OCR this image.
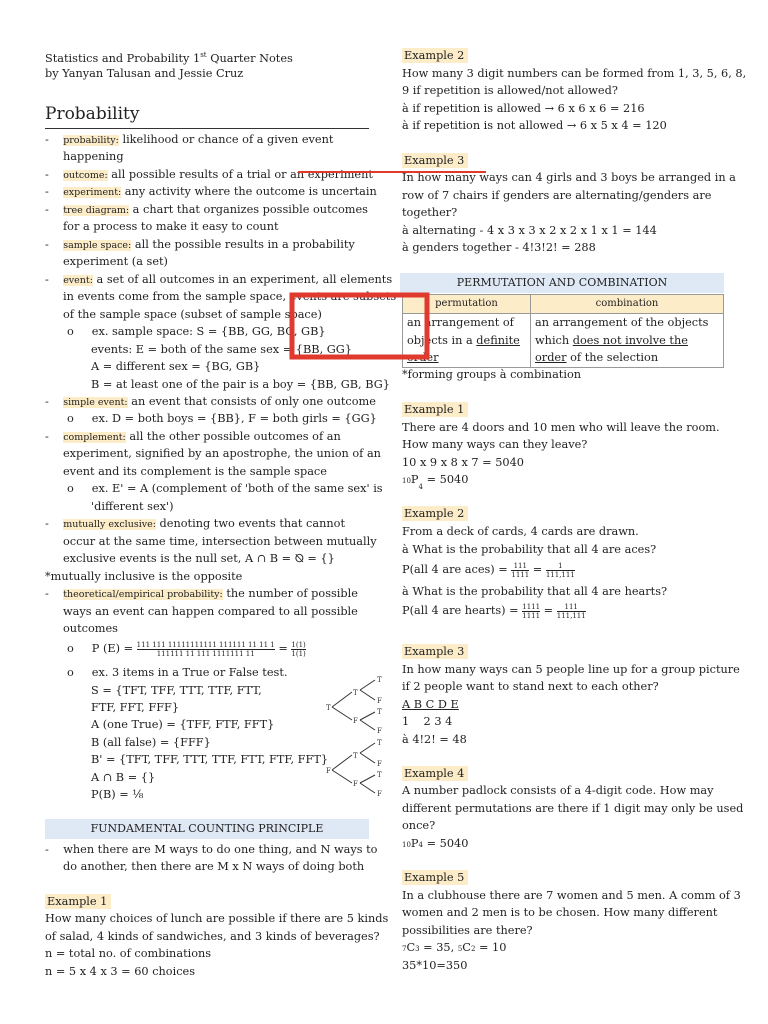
Statistics and Probability 1st Quarter Notes
by Yanyan Talusan and Jessie Cruz
Probability
-    probability: likelihood or chance of a given event
happening
-    outcome: all possible results of a trial or an experiment
-    experiment: any activity where the outcome is uncertain
-    tree diagram: a chart that organizes possible outcomes
for a process to make it easy to count
-    sample space: all the possible results in a probability
experiment (a set)
-    event: a set of all outcomes in an experiment, all elements
in events come from the sample space, events are subsets
of the sample space (subset of sample space)
o     ex. sample space: S = {BB, GG, BG, GB}
events: E = both of the same sex = {BB, GG}
A = different sex = {BG, GB}
B = at least one of the pair is a boy = {BB, GB, BG}
-    simple event: an event that consists of only one outcome
o     ex. D = both boys = {BB}, F = both girls = {GG}
-    complement: all the other possible outcomes of an
experiment, signified by an apostrophe, the union of an
event and its complement is the sample space
o     ex. E' = A (complement of 'both of the same sex' is
'different sex')
-    mutually exclusive: denoting two events that cannot
occur at the same time, intersection between mutually
exclusive events is the null set, A ∩ B = ⦰ = {}
*mutually inclusive is the opposite
-    theoretical/empirical probability: the number of possible
ways an event can happen compared to all possible
outcomes
o     P $(E) = \frac{111 111 11111111111 111111 11 11 1}{111111 11 111 1111111 11} = \frac{1(1)}{1(1)}$
o     ex. 3 items in a True or False test.
S = {TFT, TFF, TTT, TTF, FTT,
FTF, FFT, FFF}
A (one True) = {TFF, FTF, FFT}
B (all false) = {FFF}
B' = {TFT, TFF, TTT, TTF, FTT, FTF, FFT}
A ∩ B = {}
P(B) = ⅛
T
T
F
T
F
T
F
F
T
F
T
F
T
F
FUNDAMENTAL COUNTING PRINCIPLE
-    when there are M ways to do one thing, and N ways to
do another, then there are M x N ways of doing both
Example 1
How many choices of lunch are possible if there are 5 kinds
of salad, 4 kinds of sandwiches, and 3 kinds of beverages?
n = total no. of combinations
n = 5 x 4 x 3 = 60 choices
Example 2
How many 3 digit numbers can be formed from 1, 3, 5, 6, 8,
9 if repetition is allowed/not allowed?
à if repetition is allowed → 6 x 6 x 6 = 216
à if repetition is not allowed → 6 x 5 x 4 = 120
Example 3
In how many ways can 4 girls and 3 boys be arranged in a
row of 7 chairs if genders are alternating/genders are
together?
à alternating - 4 x 3 x 3 x 2 x 2 x 1 x 1 = 144
à genders together - 4!3!2! = 288
PERMUTATION AND COMBINATION
permutation	combination
an arrangement of
objects in a definite
order	an arrangement of the objects
which does not involve the
order of the selection
*forming groups à combination
Example 1
There are 4 doors and 10 men who will leave the room.
How many ways can they leave?
10 x 9 x 8 x 7 = 5040
$10P_4 = 5040$
Example 2
From a deck of cards, 4 cards are drawn.
à What is the probability that all 4 are aces?
P(all 4 are aces) = $\frac{111}{1111} = \frac{1}{111,111}$
à What is the probability that all 4 are hearts?
P(all 4 are hearts) = $\frac{1111}{1111} = \frac{111}{111,111}$
Example 3
In how many ways can 5 people line up for a group picture
if 2 people want to stand next to each other?
A B C D E
1    2 3 4
à 4!2! = 48
Example 4
A number padlock consists of a 4-digit code. How may
different permutations are there if 1 digit may only be used
once?
10P4 = 5040
Example 5
In a clubhouse there are 7 women and 5 men. A comm of 3
women and 2 men is to be chosen. How many different
possibilities are there?
7C3 = 35, 5C2 = 10
35*10=350
